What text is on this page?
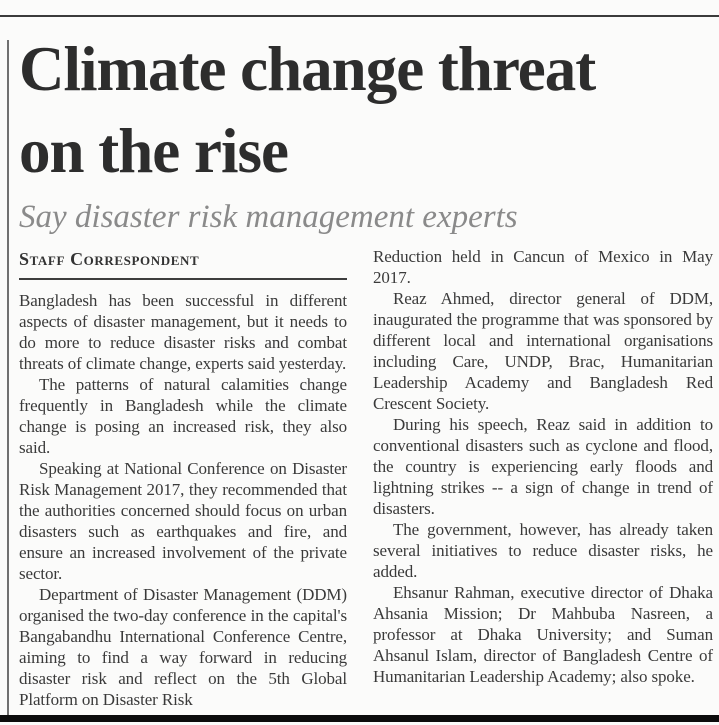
Climate change threat
on the rise
Say disaster risk management experts
Staff Correspondent

Bangladesh has been successful in different aspects of disaster management, but it needs to do more to reduce disaster risks and combat threats of climate change, experts said yesterday.

The patterns of natural calamities change frequently in Bangladesh while the climate change is posing an increased risk, they also said.

Speaking at National Conference on Disaster Risk Management 2017, they recommended that the authorities concerned should focus on urban disasters such as earthquakes and fire, and ensure an increased involvement of the private sector.

Department of Disaster Management (DDM) organised the two-day conference in the capital's Bangabandhu International Conference Centre, aiming to find a way forward in reducing disaster risk and reflect on the 5th Global Platform on Disaster Risk

Reduction held in Cancun of Mexico in May 2017.

Reaz Ahmed, director general of DDM, inaugurated the programme that was sponsored by different local and international organisations including Care, UNDP, Brac, Humanitarian Leadership Academy and Bangladesh Red Crescent Society.

During his speech, Reaz said in addition to conventional disasters such as cyclone and flood, the country is experiencing early floods and lightning strikes -- a sign of change in trend of disasters.

The government, however, has already taken several initiatives to reduce disaster risks, he added.

Ehsanur Rahman, executive director of Dhaka Ahsania Mission; Dr Mahbuba Nasreen, a professor at Dhaka University; and Suman Ahsanul Islam, director of Bangladesh Centre of Humanitarian Leadership Academy; also spoke.
